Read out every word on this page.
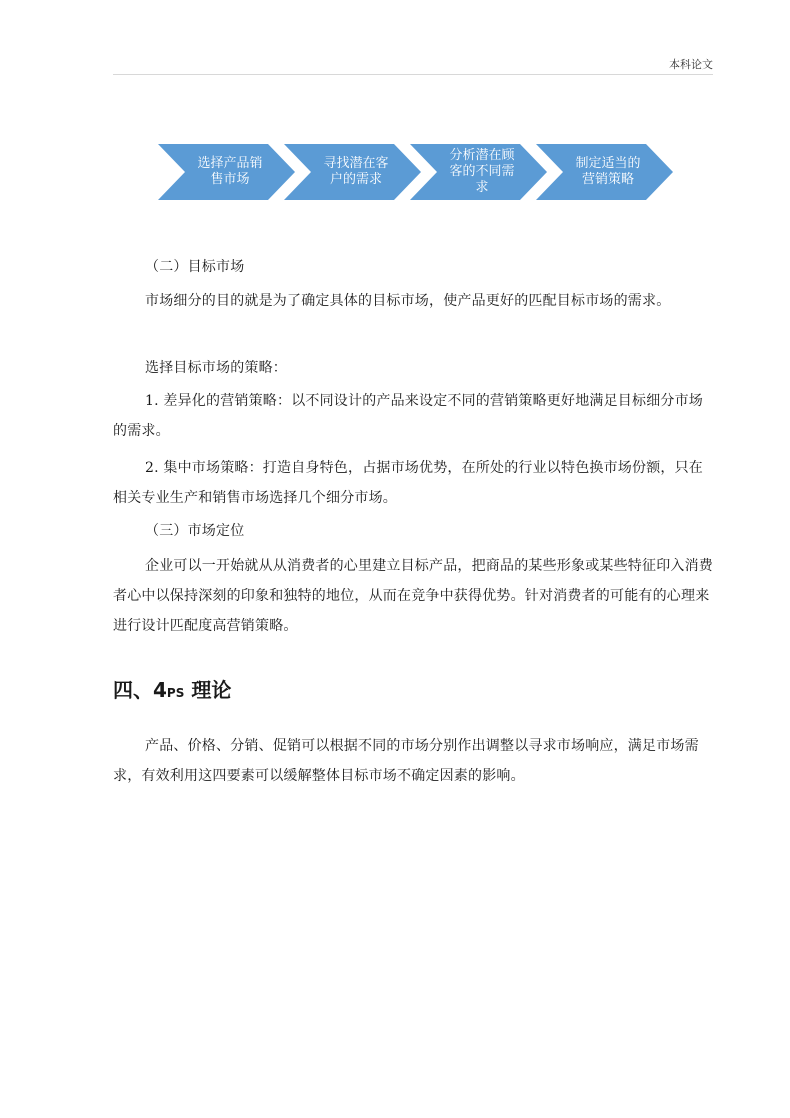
本科论文
选择产品销
售市场
寻找潜在客
户的需求
分析潜在顾
客的不同需
求
制定适当的
营销策略
（二）目标市场
市场细分的目的就是为了确定具体的目标市场，使产品更好的匹配目标市场的需求。
选择目标市场的策略：
1. 差异化的营销策略：以不同设计的产品来设定不同的营销策略更好地满足目标细分市场的需求。
2. 集中市场策略：打造自身特色，占据市场优势，在所处的行业以特色换市场份额，只在相关专业生产和销售市场选择几个细分市场。
（三）市场定位
企业可以一开始就从从消费者的心里建立目标产品，把商品的某些形象或某些特征印入消费者心中以保持深刻的印象和独特的地位，从而在竞争中获得优势。针对消费者的可能有的心理来进行设计匹配度高营销策略。
四、4PS 理论
产品、价格、分销、促销可以根据不同的市场分别作出调整以寻求市场响应，满足市场需求，有效利用这四要素可以缓解整体目标市场不确定因素的影响。
